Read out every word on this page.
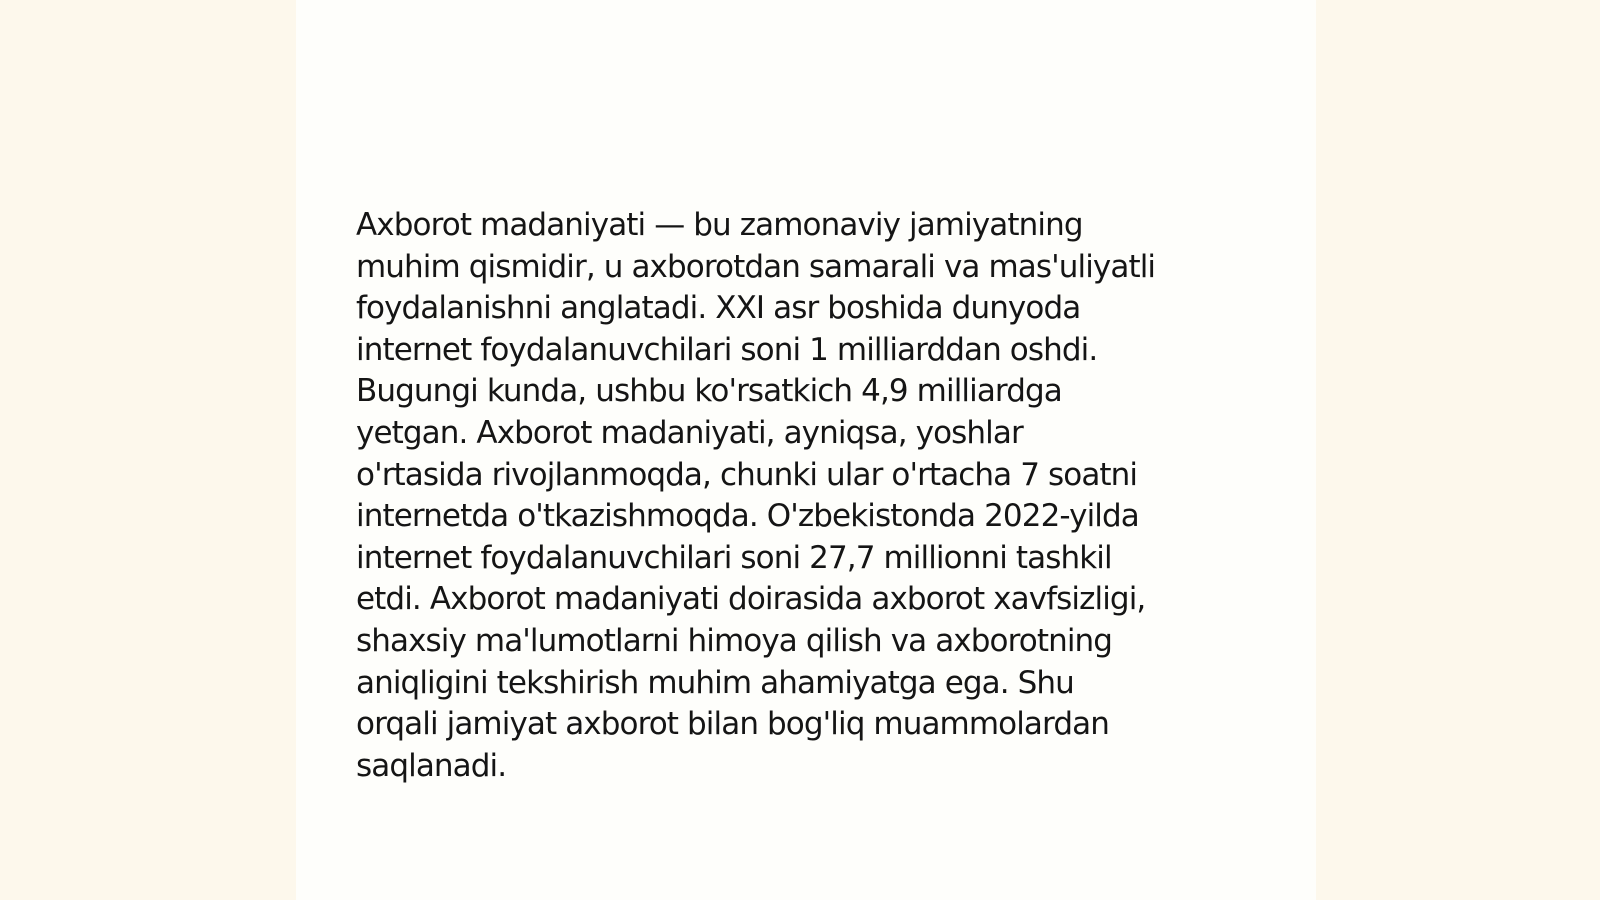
Axborot madaniyati — bu zamonaviy jamiyatning
muhim qismidir, u axborotdan samarali va mas'uliyatli
foydalanishni anglatadi. XXI asr boshida dunyoda
internet foydalanuvchilari soni 1 milliarddan oshdi.
Bugungi kunda, ushbu ko'rsatkich 4,9 milliardga
yetgan. Axborot madaniyati, ayniqsa, yoshlar
o'rtasida rivojlanmoqda, chunki ular o'rtacha 7 soatni
internetda o'tkazishmoqda. O'zbekistonda 2022-yilda
internet foydalanuvchilari soni 27,7 millionni tashkil
etdi. Axborot madaniyati doirasida axborot xavfsizligi,
shaxsiy ma'lumotlarni himoya qilish va axborotning
aniqligini tekshirish muhim ahamiyatga ega. Shu
orqali jamiyat axborot bilan bog'liq muammolardan
saqlanadi.
